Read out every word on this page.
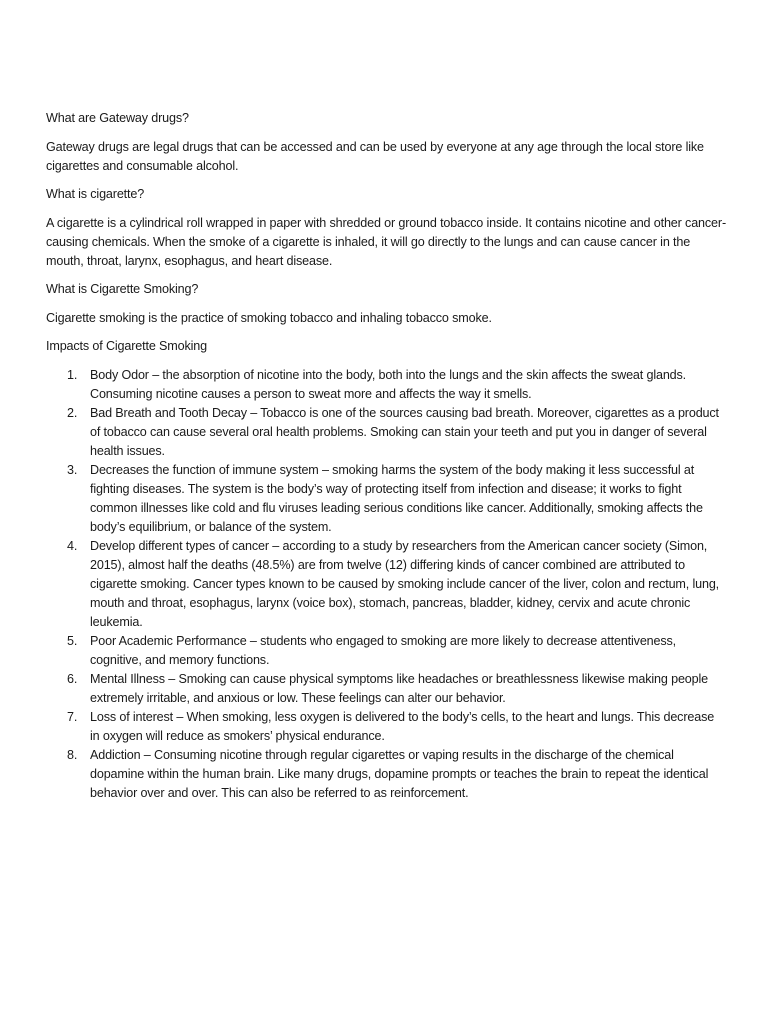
What are Gateway drugs?

Gateway drugs are legal drugs that can be accessed and can be used by everyone at any age through the local store like cigarettes and consumable alcohol.

What is cigarette?

A cigarette is a cylindrical roll wrapped in paper with shredded or ground tobacco inside. It contains nicotine and other cancer-causing chemicals. When the smoke of a cigarette is inhaled, it will go directly to the lungs and can cause cancer in the mouth, throat, larynx, esophagus, and heart disease.

What is Cigarette Smoking?

Cigarette smoking is the practice of smoking tobacco and inhaling tobacco smoke.

Impacts of Cigarette Smoking

1. Body Odor – the absorption of nicotine into the body, both into the lungs and the skin affects the sweat glands. Consuming nicotine causes a person to sweat more and affects the way it smells.
2. Bad Breath and Tooth Decay – Tobacco is one of the sources causing bad breath. Moreover, cigarettes as a product of tobacco can cause several oral health problems. Smoking can stain your teeth and put you in danger of several health issues.
3. Decreases the function of immune system – smoking harms the system of the body making it less successful at fighting diseases. The system is the body’s way of protecting itself from infection and disease; it works to fight common illnesses like cold and flu viruses leading serious conditions like cancer. Additionally, smoking affects the body’s equilibrium, or balance of the system.
4. Develop different types of cancer – according to a study by researchers from the American cancer society (Simon, 2015), almost half the deaths (48.5%) are from twelve (12) differing kinds of cancer combined are attributed to cigarette smoking. Cancer types known to be caused by smoking include cancer of the liver, colon and rectum, lung, mouth and throat, esophagus, larynx (voice box), stomach, pancreas, bladder, kidney, cervix and acute chronic leukemia.
5. Poor Academic Performance – students who engaged to smoking are more likely to decrease attentiveness, cognitive, and memory functions.
6. Mental Illness – Smoking can cause physical symptoms like headaches or breathlessness likewise making people extremely irritable, and anxious or low. These feelings can alter our behavior.
7. Loss of interest – When smoking, less oxygen is delivered to the body’s cells, to the heart and lungs. This decrease in oxygen will reduce as smokers’ physical endurance.
8. Addiction – Consuming nicotine through regular cigarettes or vaping results in the discharge of the chemical dopamine within the human brain. Like many drugs, dopamine prompts or teaches the brain to repeat the identical behavior over and over. This can also be referred to as reinforcement.
